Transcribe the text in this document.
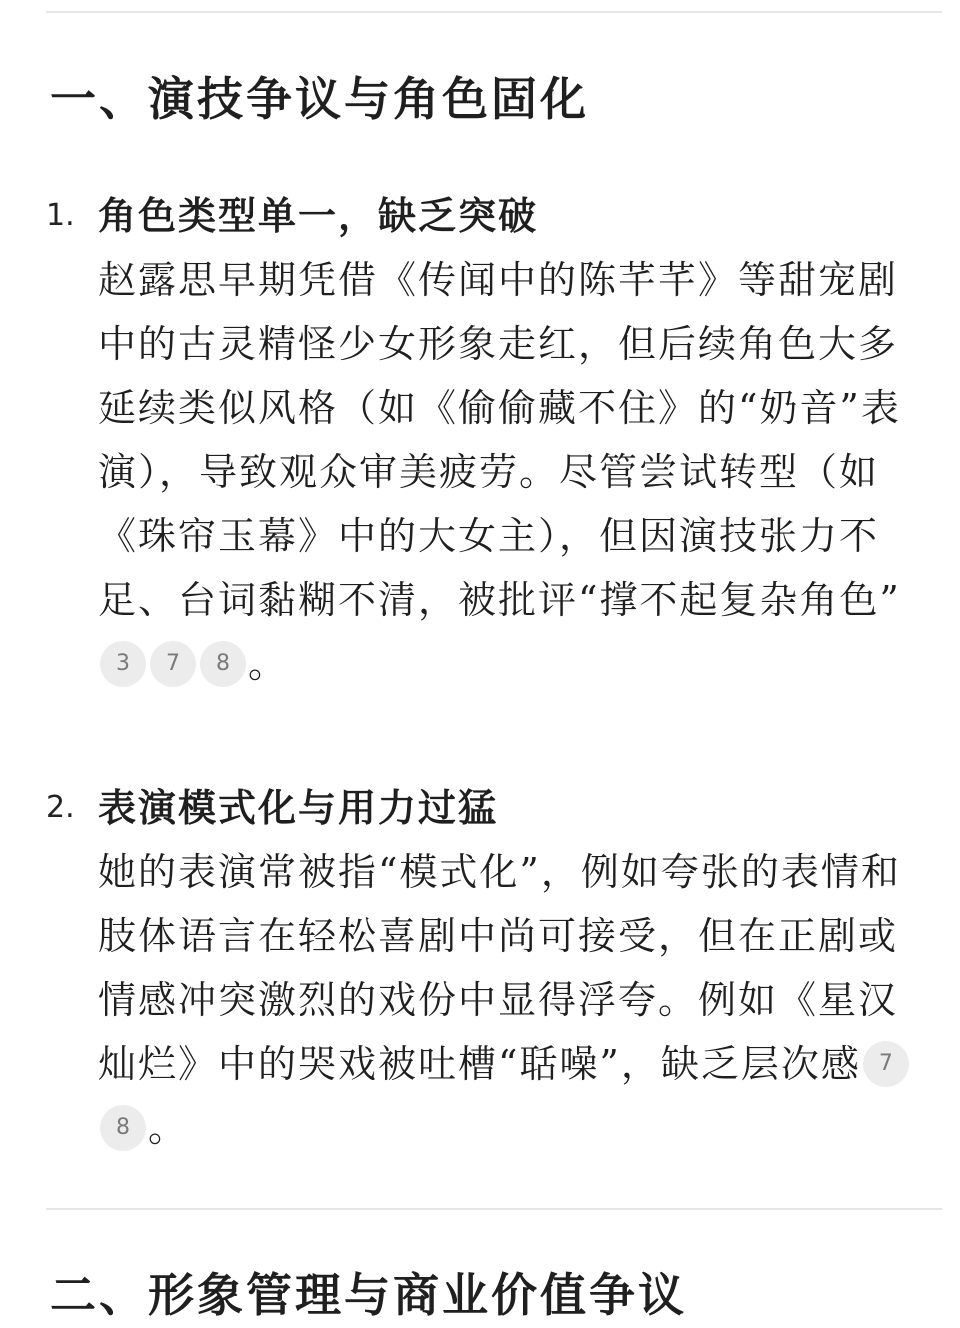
一、演技争议与角色固化
1. 角色类型单一，缺乏突破

赵露思早期凭借《传闻中的陈芊芊》等甜宠剧中的古灵精怪少女形象走红，但后续角色大多延续类似风格（如《偷偷藏不住》的“奶音”表演），导致观众审美疲劳。尽管尝试转型（如《珠帘玉幕》中的大女主），但因演技张力不足、台词黏糊不清，被批评“撑不起复杂角色”3 7 8 。

2. 表演模式化与用力过猛

她的表演常被指“模式化”，例如夸张的表情和肢体语言在轻松喜剧中尚可接受，但在正剧或情感冲突激烈的戏份中显得浮夸。例如《星汉灿烂》中的哭戏被吐槽“聒噪”，缺乏层次感 78 。

二、形象管理与商业价值争议
